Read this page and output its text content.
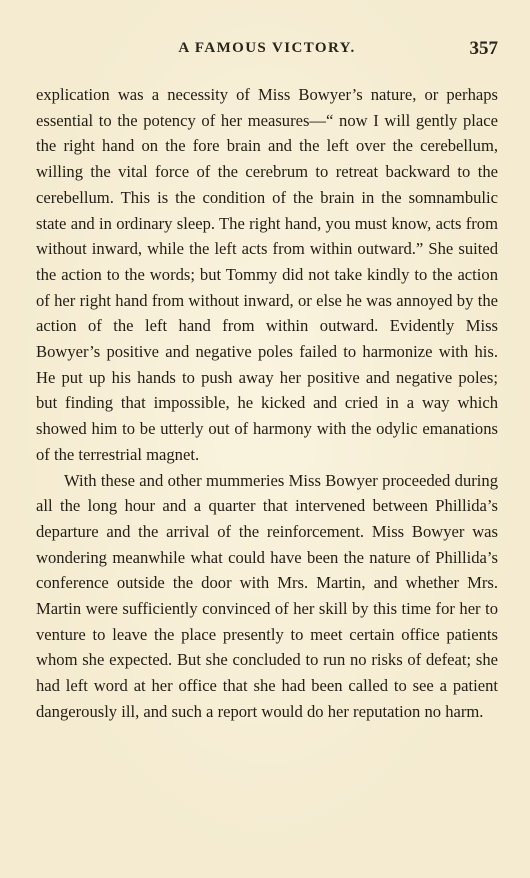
A FAMOUS VICTORY.	357

explication was a necessity of Miss Bowyer’s nature, or perhaps essential to the potency of her measures—“ now I will gently place the right hand on the fore brain and the left over the cerebellum, willing the vital force of the cerebrum to retreat backward to the cerebellum. This is the condition of the brain in the somnambulic state and in ordinary sleep. The right hand, you must know, acts from without inward, while the left acts from within outward.” She suited the action to the words; but Tommy did not take kindly to the action of her right hand from without inward, or else he was annoyed by the action of the left hand from within outward. Evidently Miss Bowyer’s positive and negative poles failed to harmonize with his. He put up his hands to push away her positive and negative poles; but finding that impossible, he kicked and cried in a way which showed him to be utterly out of harmony with the odylic emanations of the terrestrial magnet.

With these and other mummeries Miss Bowyer proceeded during all the long hour and a quarter that intervened between Phillida’s departure and the arrival of the reinforcement. Miss Bowyer was wondering meanwhile what could have been the nature of Phillida’s conference outside the door with Mrs. Martin, and whether Mrs. Martin were sufficiently convinced of her skill by this time for her to venture to leave the place presently to meet certain office patients whom she expected. But she concluded to run no risks of defeat; she had left word at her office that she had been called to see a patient dangerously ill, and such a report would do her reputation no harm.
